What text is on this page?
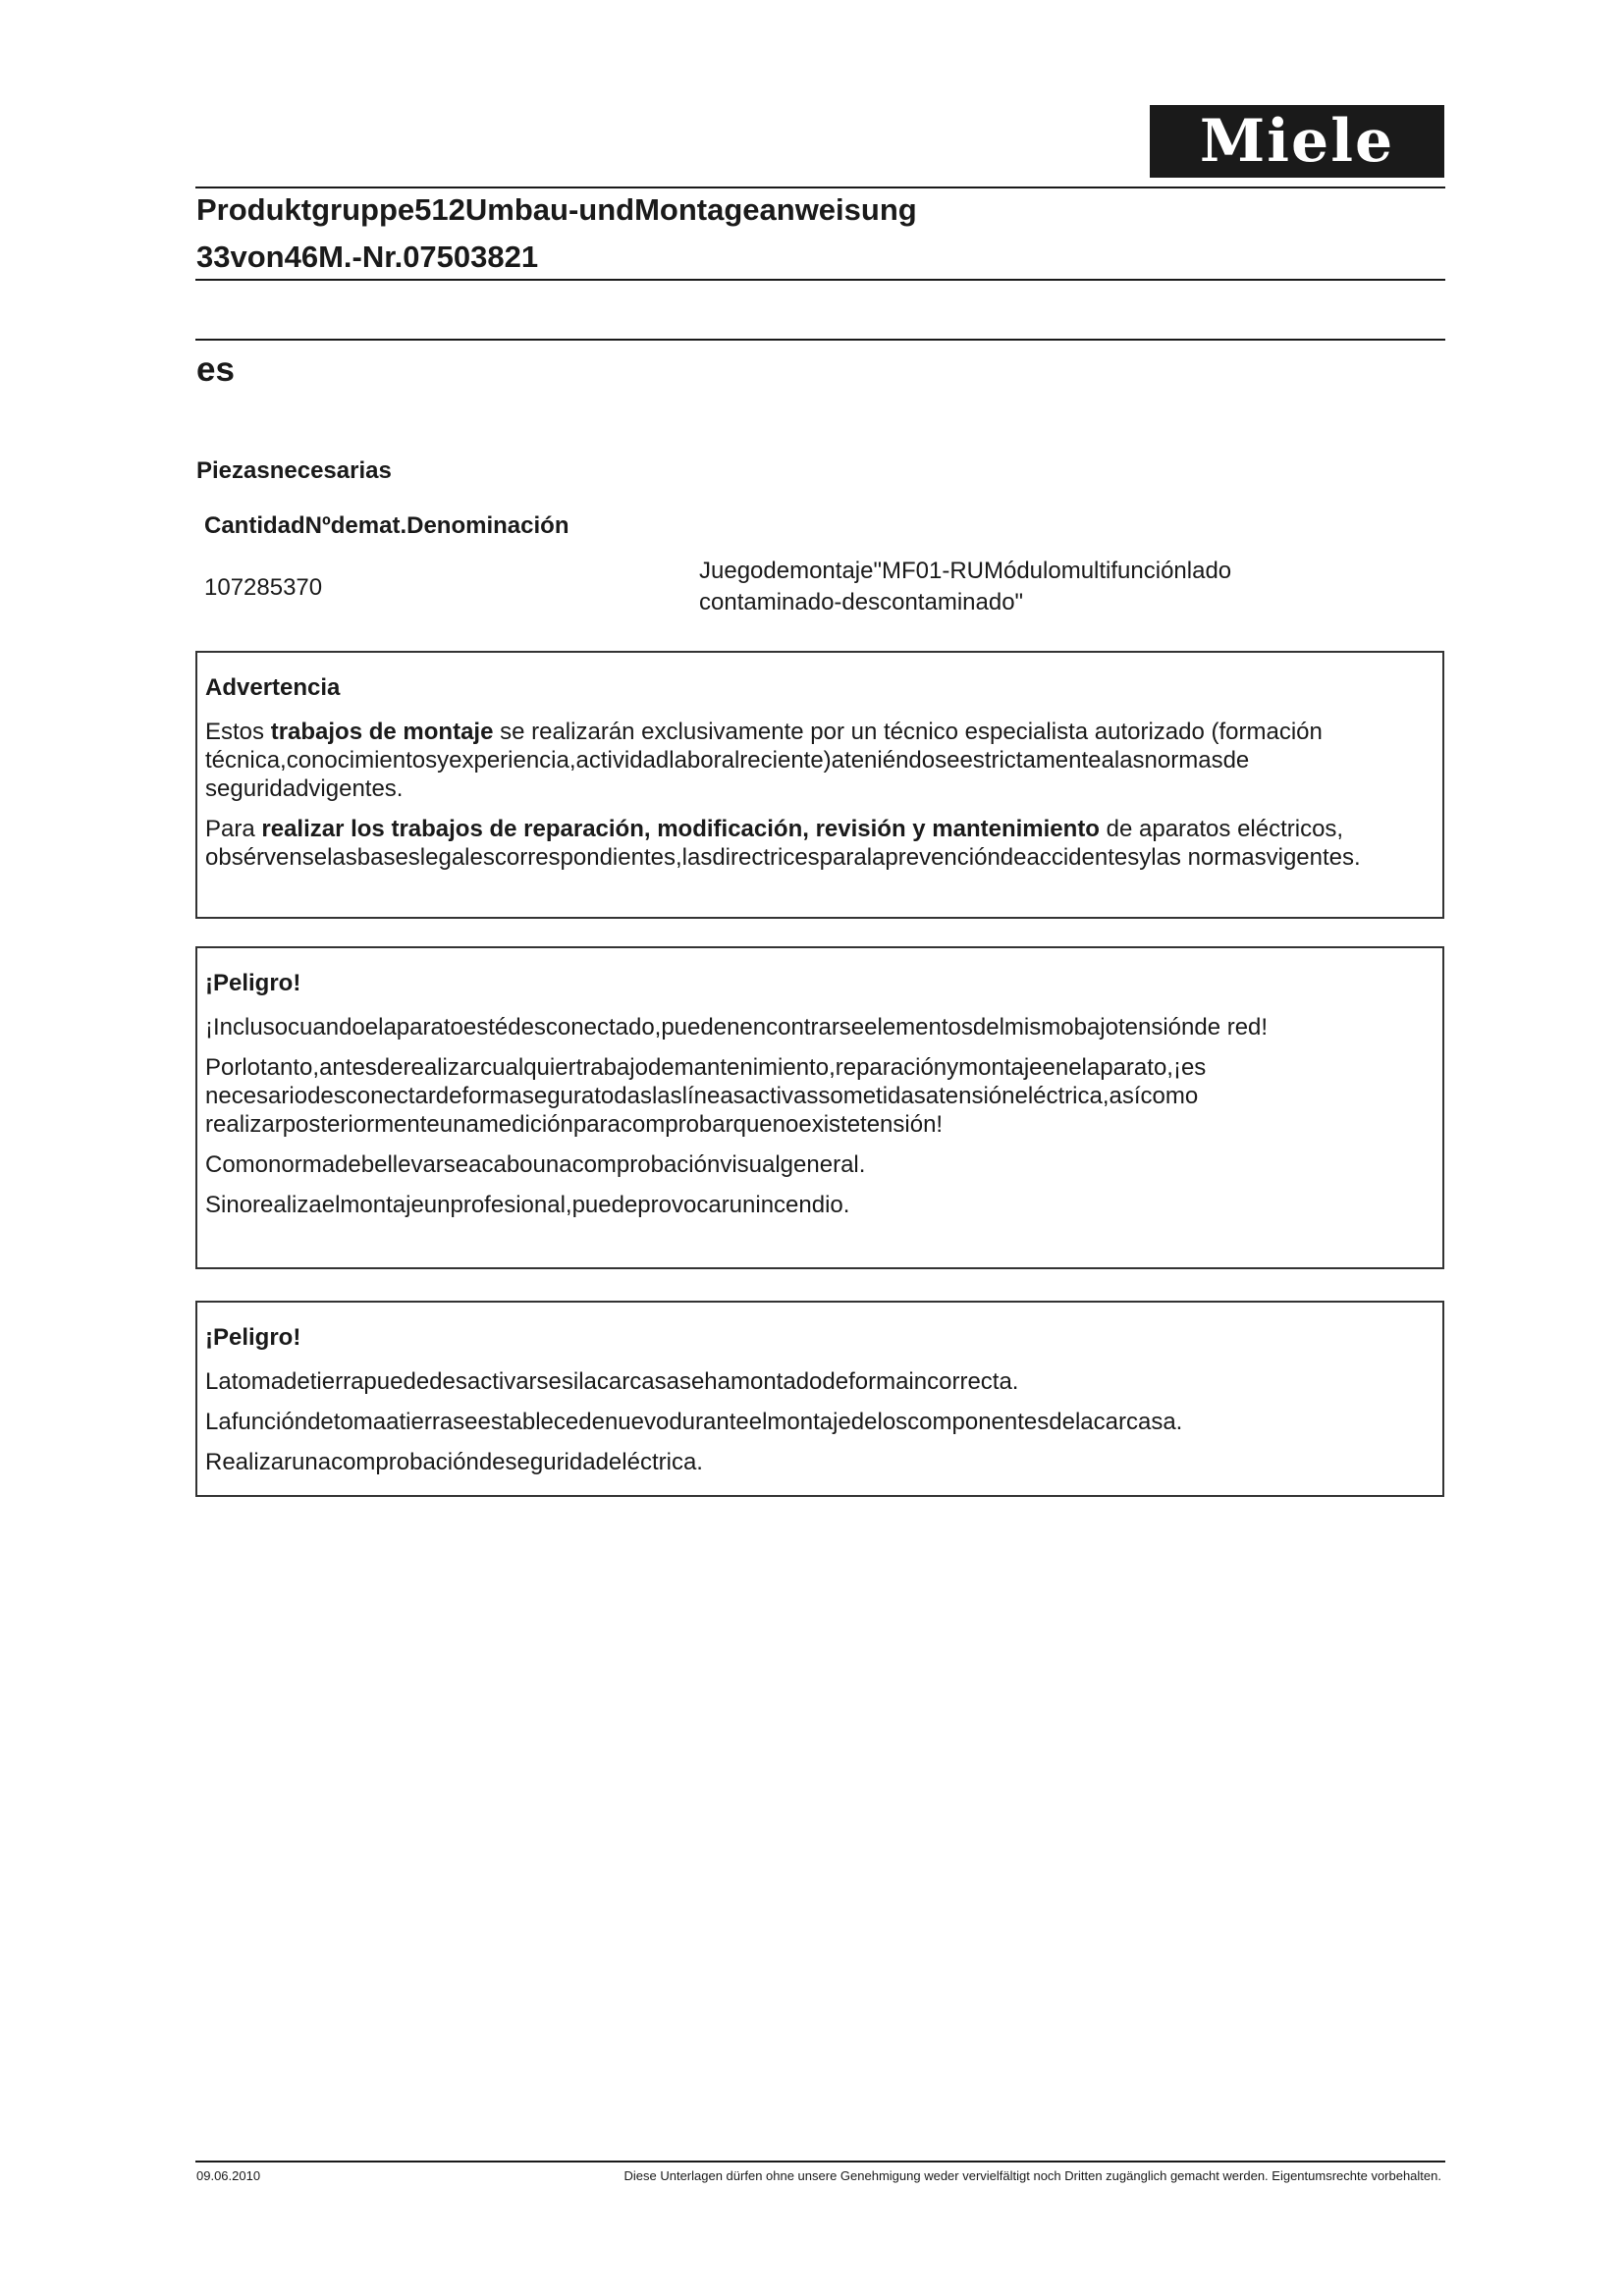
Miele
Produktgruppe512Umbau-undMontageanweisung
33von46M.-Nr.07503821
es
Piezasnecesarias
CantidadNºdemat.Denominación
107285370
Juegodemontaje"MF01-RUMódulomultifunciónlado
contaminado-descontaminado"
Advertencia

Estos trabajos de montaje se realizarán exclusivamente por un técnico especialista autorizado (formación técnica,conocimientosyexperiencia,actividadlaboralreciente)ateniéndoseestrictamentealasnormasde seguridadvigentes.

Para realizar los trabajos de reparación, modificación, revisión y mantenimiento de aparatos eléctricos, obsérvenselasbaseslegalescorrespondientes,lasdirectricesparalaprevencióndeaccidentesylas normasvigentes.

¡Peligro!

¡Inclusocuandoelaparatoestédesconectado,puedenencontrarseelementosdelmismobajotensiónde red!

Porlotanto,antesderealizarcualquiertrabajodemantenimiento,reparaciónymontajeenelaparato,¡es necesariodesconectardeformaseguratodaslaslíneasactivassometidasatensióneléctrica,asícomo realizarposteriormenteunamediciónparacomprobarquenoexistetensión!

Comonormadebellevarseacabounacomprobaciónvisualgeneral.

Sinorealizaelmontajeunprofesional,puedeprovocarunincendio.

¡Peligro!

Latomadetierrapuededesactivarsesilacarcasasehamontadodeformaincorrecta.

Lafuncióndetomaatierraseestablecedenuevoduranteelmontajedeloscomponentesdelacarcasa.

Realizarunacomprobacióndeseguridadeléctrica.

09.06.2010	Diese Unterlagen dürfen ohne unsere Genehmigung weder vervielfältigt noch Dritten zugänglich gemacht werden. Eigentumsrechte vorbehalten.
